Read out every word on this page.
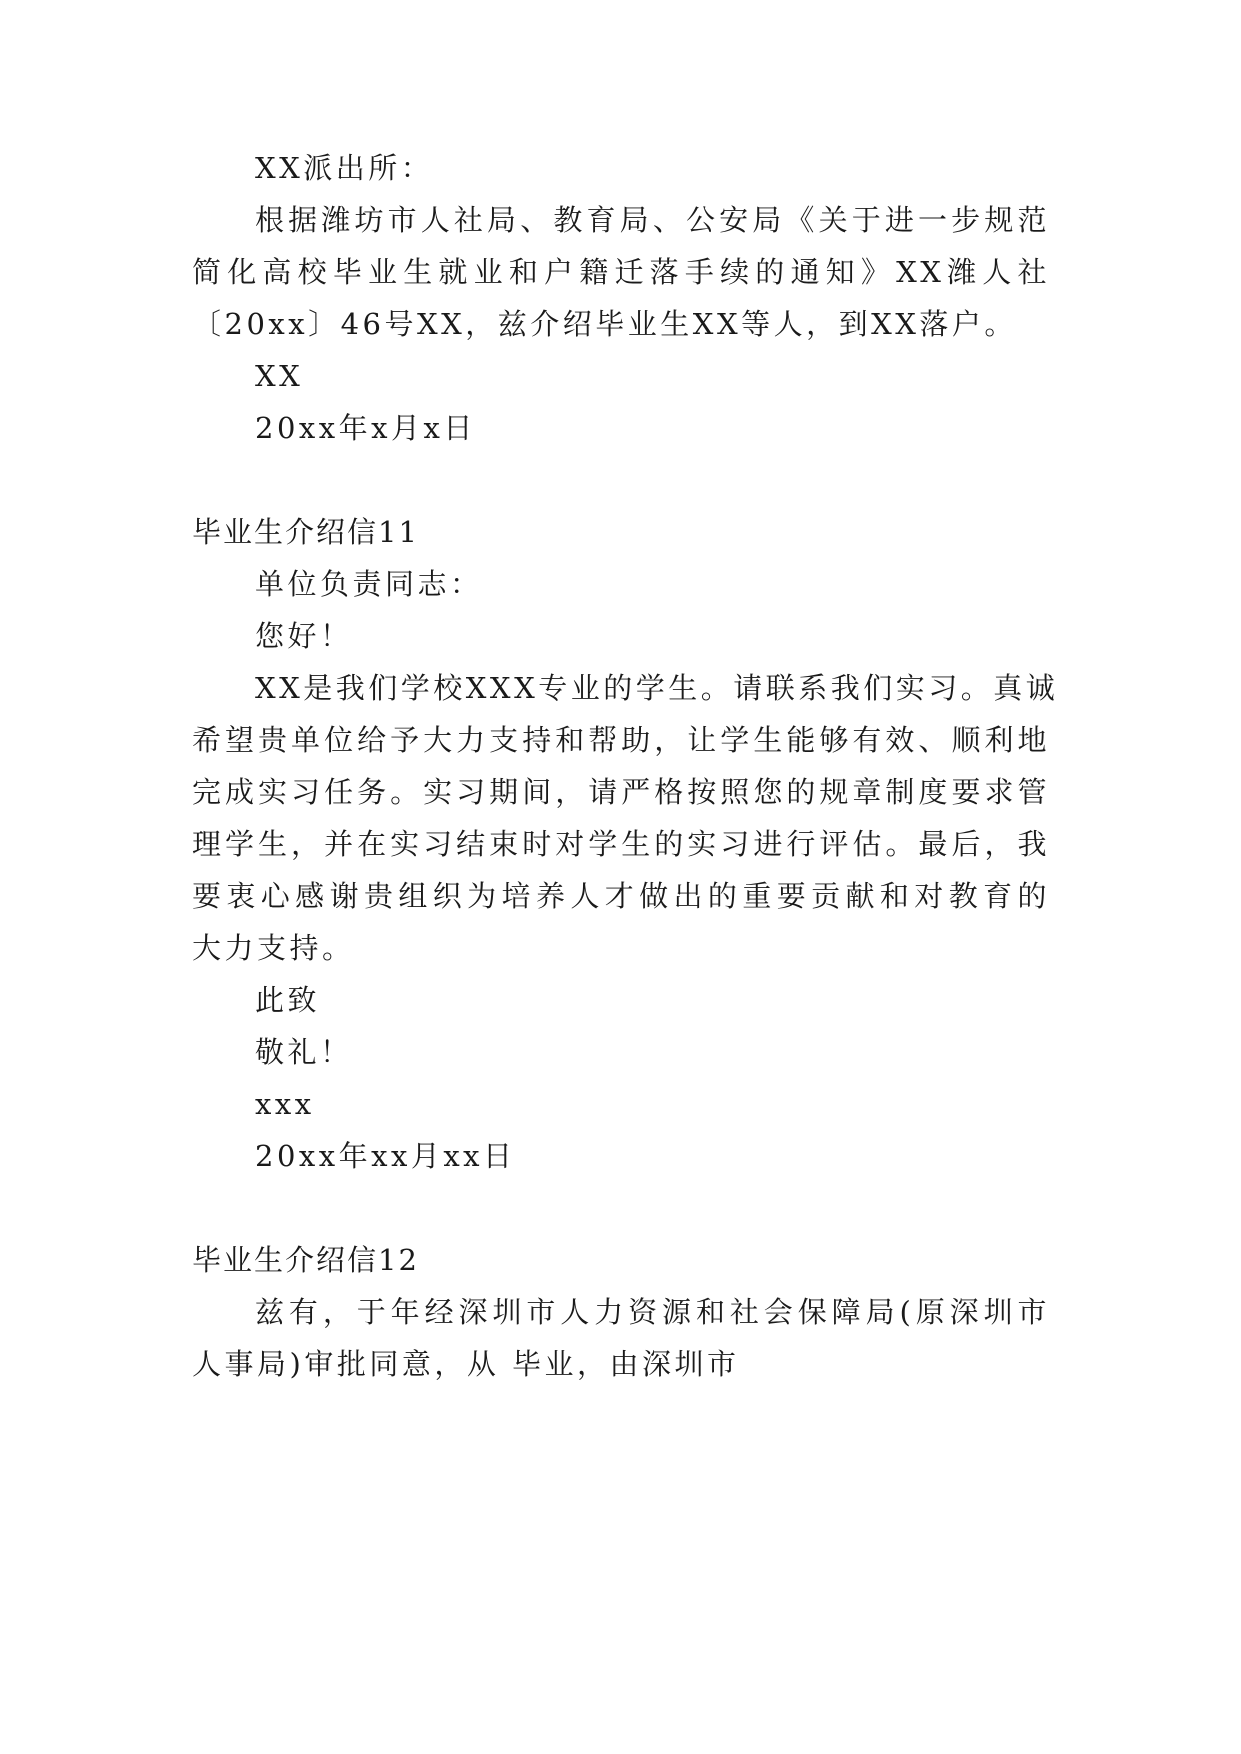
XX派出所：
根据潍坊市人社局、教育局、公安局《关于进一步规范
简化高校毕业生就业和户籍迁落手续的通知》XX潍人社
〔20xx〕46号XX，兹介绍毕业生XX等人，到XX落户。
XX
20xx年x月x日
毕业生介绍信11
单位负责同志：
您好！
XX是我们学校XXX专业的学生。请联系我们实习。真诚
希望贵单位给予大力支持和帮助，让学生能够有效、顺利地
完成实习任务。实习期间，请严格按照您的规章制度要求管
理学生，并在实习结束时对学生的实习进行评估。最后，我
要衷心感谢贵组织为培养人才做出的重要贡献和对教育的
大力支持。
此致
敬礼！
xxx
20xx年xx月xx日
毕业生介绍信12
兹有，于年经深圳市人力资源和社会保障局(原深圳市
人事局)审批同意，从 毕业，由深圳市
